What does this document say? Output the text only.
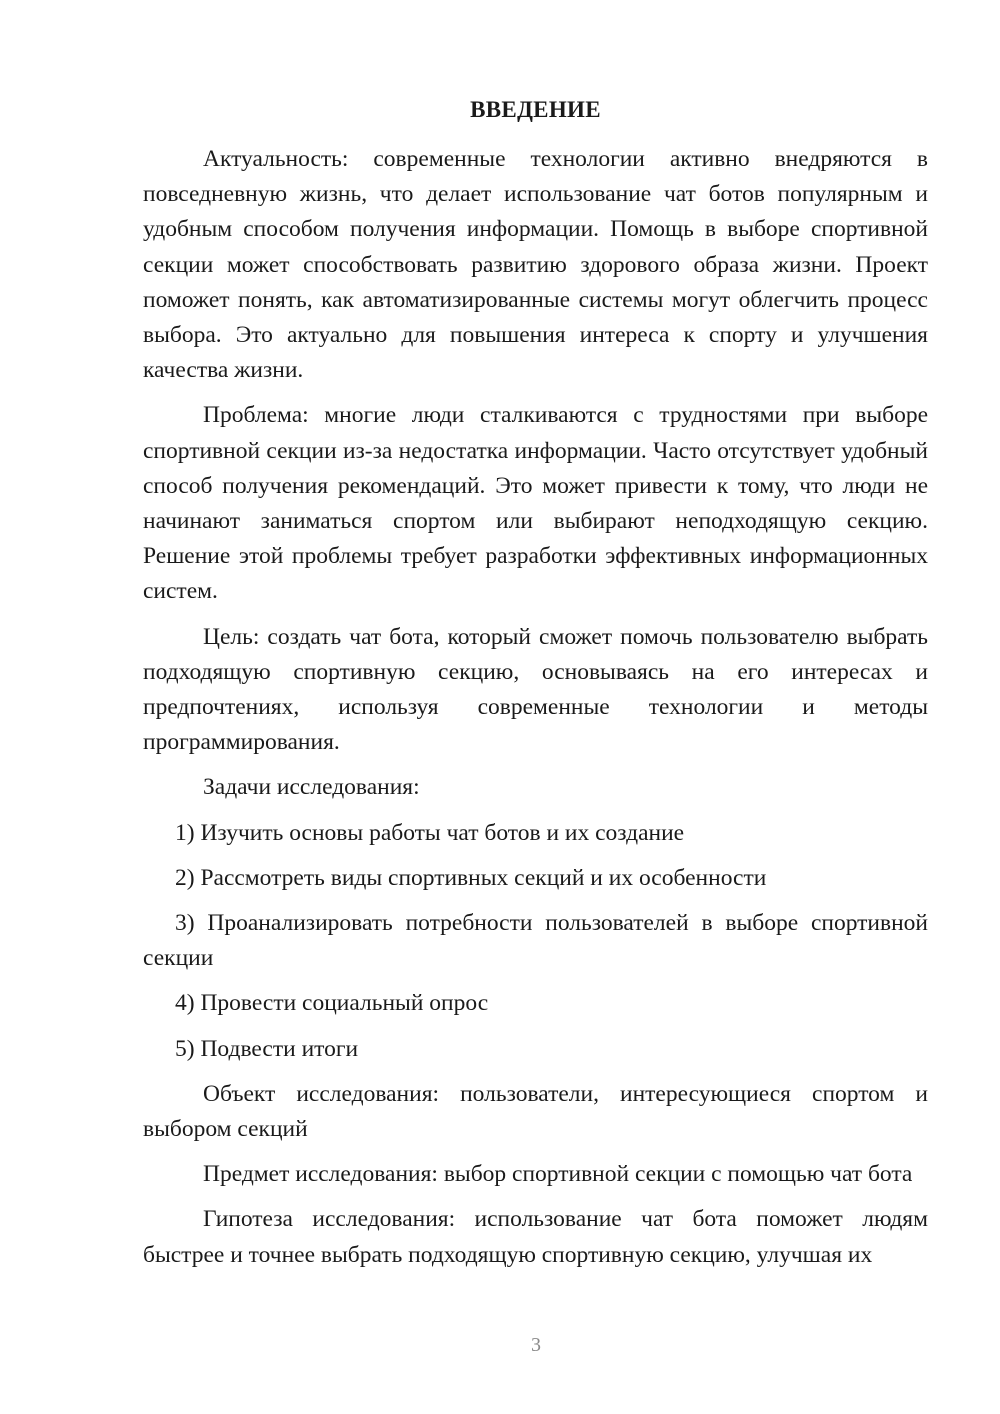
ВВЕДЕНИЕ

Актуальность: современные технологии активно внедряются в повседневную жизнь, что делает использование чат ботов популярным и удобным способом получения информации. Помощь в выборе спортивной секции может способствовать развитию здорового образа жизни. Проект поможет понять, как автоматизированные системы могут облегчить процесс выбора. Это актуально для повышения интереса к спорту и улучшения качества жизни.

Проблема: многие люди сталкиваются с трудностями при выборе спортивной секции из-за недостатка информации. Часто отсутствует удобный способ получения рекомендаций. Это может привести к тому, что люди не начинают заниматься спортом или выбирают неподходящую секцию. Решение этой проблемы требует разработки эффективных информационных систем.

Цель: создать чат бота, который сможет помочь пользователю выбрать подходящую спортивную секцию, основываясь на его интересах и предпочтениях, используя современные технологии и методы программирования.

Задачи исследования:

1) Изучить основы работы чат ботов и их создание

2) Рассмотреть виды спортивных секций и их особенности

3) Проанализировать потребности пользователей в выборе спортивной секции

4) Провести социальный опрос

5) Подвести итоги

Объект исследования: пользователи, интересующиеся спортом и выбором секций

Предмет исследования: выбор спортивной секции с помощью чат бота

Гипотеза исследования: использование чат бота поможет людям быстрее и точнее выбрать подходящую спортивную секцию, улучшая их

3
